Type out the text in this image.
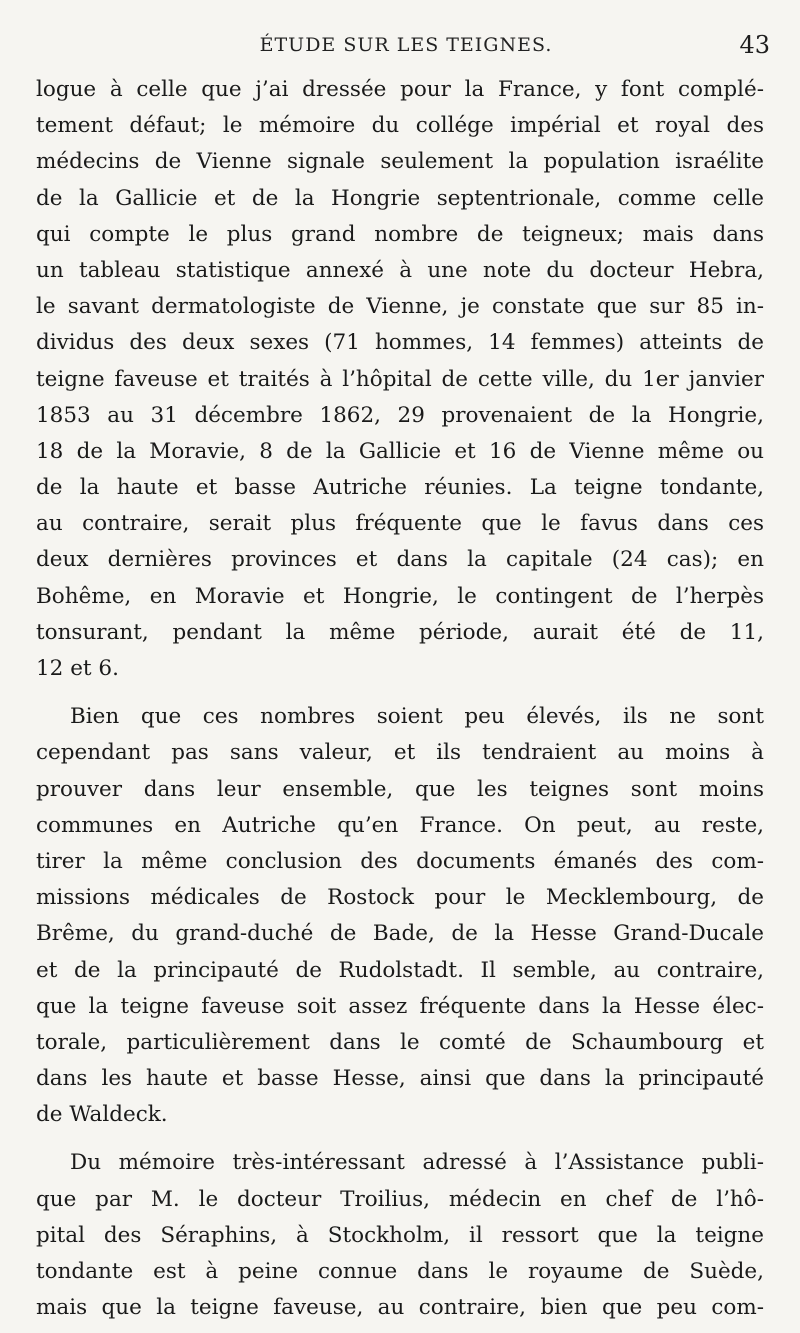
ÉTUDE SUR LES TEIGNES.	43
logue à celle que j’ai dressée pour la France, y font complé-
tement défaut; le mémoire du collége impérial et royal des
médecins de Vienne signale seulement la population israélite
de la Gallicie et de la Hongrie septentrionale, comme celle
qui compte le plus grand nombre de teigneux; mais dans
un tableau statistique annexé à une note du docteur Hebra,
le savant dermatologiste de Vienne, je constate que sur 85 in-
dividus des deux sexes (71 hommes, 14 femmes) atteints de
teigne faveuse et traités à l’hôpital de cette ville, du 1er janvier
1853 au 31 décembre 1862, 29 provenaient de la Hongrie,
18 de la Moravie, 8 de la Gallicie et 16 de Vienne même ou
de la haute et basse Autriche réunies. La teigne tondante,
au contraire, serait plus fréquente que le favus dans ces
deux dernières provinces et dans la capitale (24 cas); en
Bohême, en Moravie et Hongrie, le contingent de l’herpès
tonsurant, pendant la même période, aurait été de 11,
12 et 6.
Bien que ces nombres soient peu élevés, ils ne sont
cependant pas sans valeur, et ils tendraient au moins à
prouver dans leur ensemble, que les teignes sont moins
communes en Autriche qu’en France. On peut, au reste,
tirer la même conclusion des documents émanés des com-
missions médicales de Rostock pour le Mecklembourg, de
Brême, du grand-duché de Bade, de la Hesse Grand-Ducale
et de la principauté de Rudolstadt. Il semble, au contraire,
que la teigne faveuse soit assez fréquente dans la Hesse élec-
torale, particulièrement dans le comté de Schaumbourg et
dans les haute et basse Hesse, ainsi que dans la principauté
de Waldeck.
Du mémoire très-intéressant adressé à l’Assistance publi-
que par M. le docteur Troilius, médecin en chef de l’hô-
pital des Séraphins, à Stockholm, il ressort que la teigne
tondante est à peine connue dans le royaume de Suède,
mais que la teigne faveuse, au contraire, bien que peu com-
